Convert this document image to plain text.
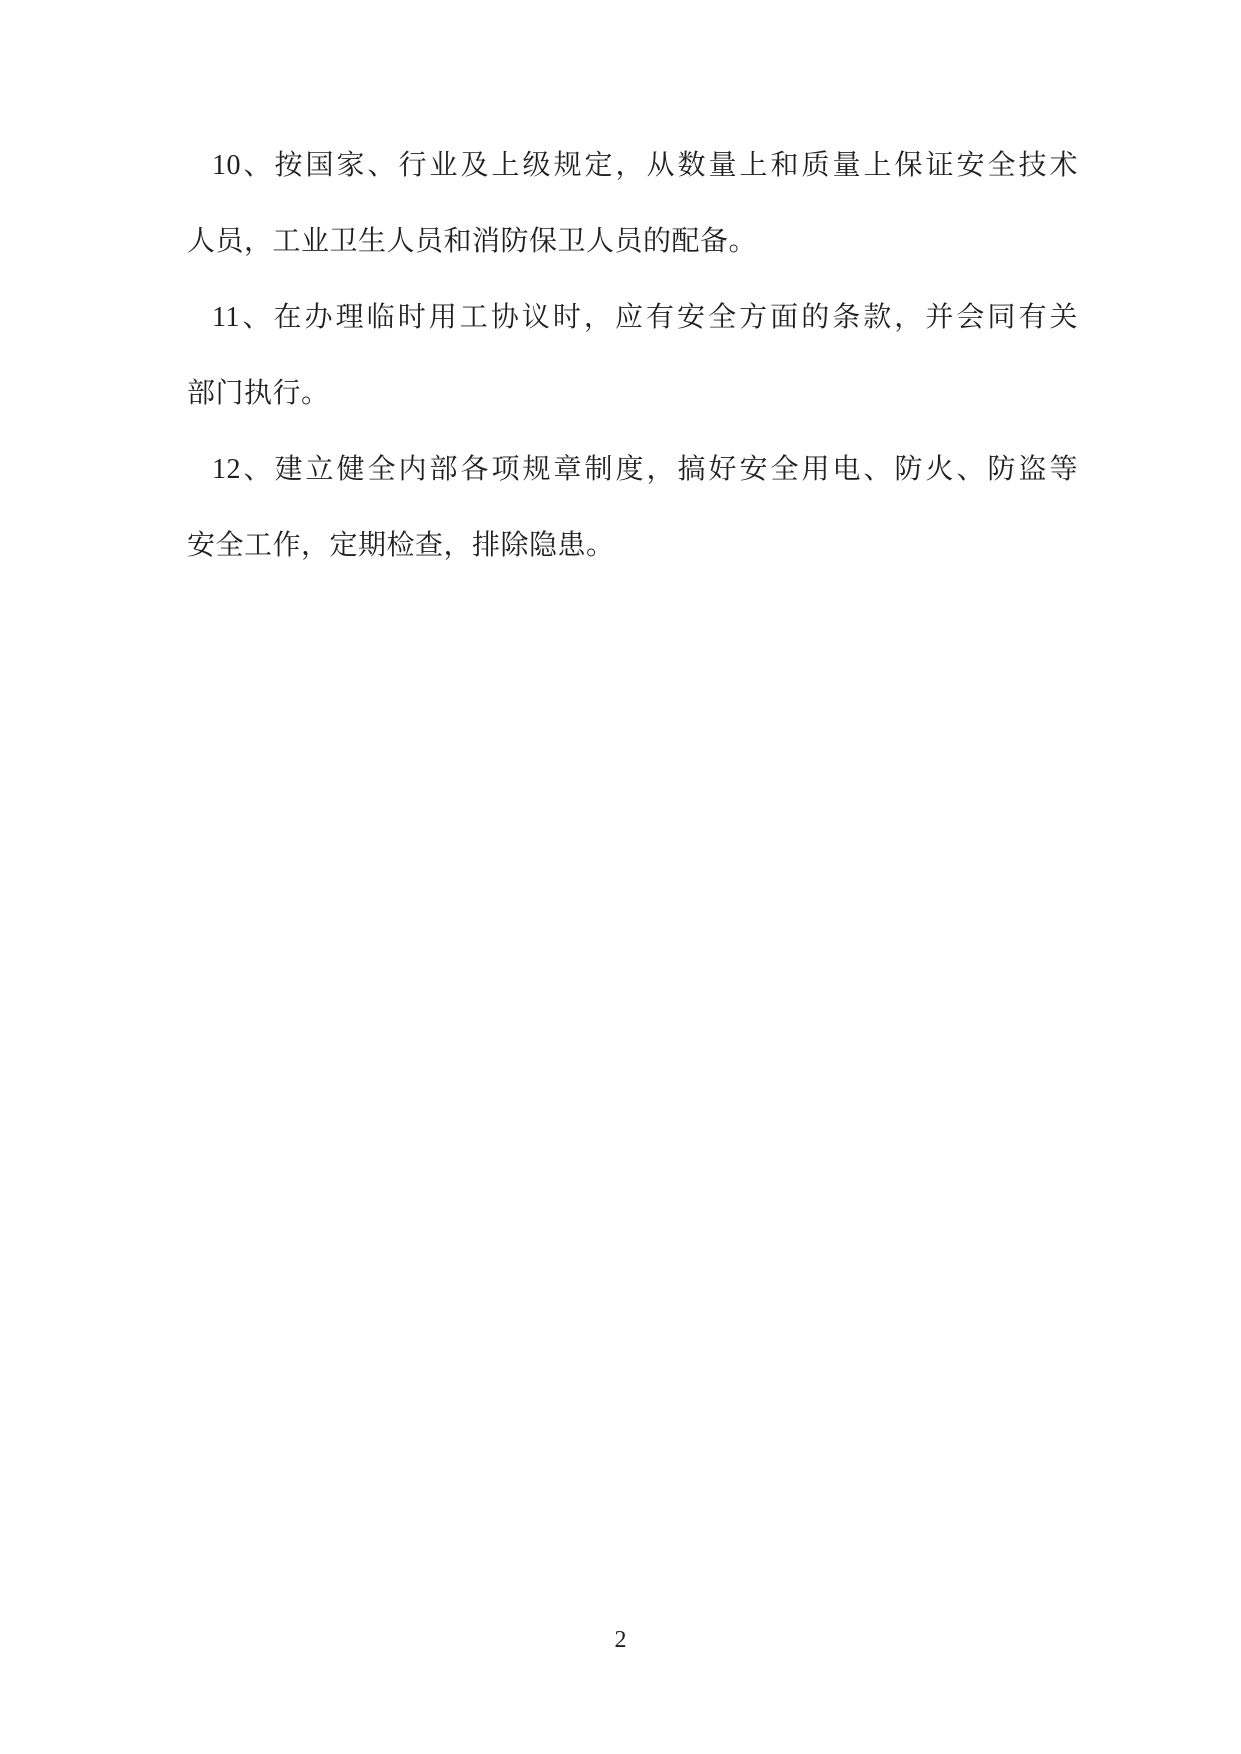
10、按国家、行业及上级规定，从数量上和质量上保证安全技术
人员，工业卫生人员和消防保卫人员的配备。
11、在办理临时用工协议时，应有安全方面的条款，并会同有关
部门执行。
12、建立健全内部各项规章制度，搞好安全用电、防火、防盗等
安全工作，定期检查，排除隐患。
2
